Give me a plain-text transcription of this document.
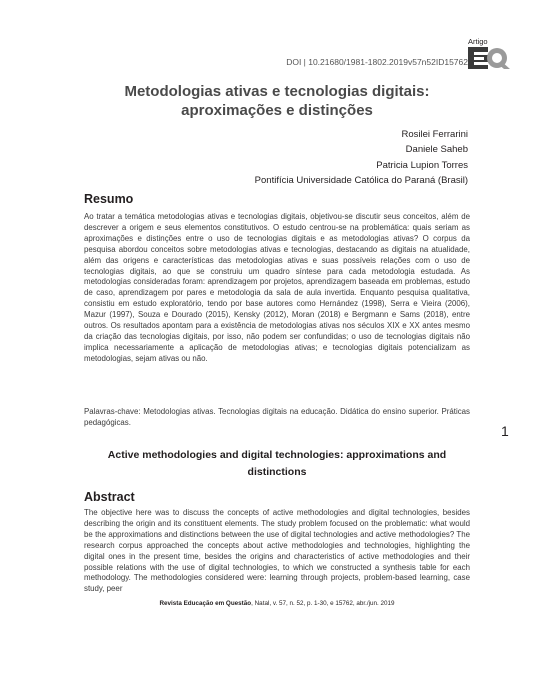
Artigo
DOI | 10.21680/1981-1802.2019v57n52ID15762
Metodologias ativas e tecnologias digitais: aproximações e distinções
Rosilei Ferrarini
Daniele Saheb
Patricia Lupion Torres
Pontifícia Universidade Católica do Paraná (Brasil)
Resumo

Ao tratar a temática metodologias ativas e tecnologias digitais, objetivou-se discutir seus conceitos, além de descrever a origem e seus elementos constitutivos. O estudo centrou-se na problemática: quais seriam as aproximações e distinções entre o uso de tecnologias digitais e as metodologias ativas? O corpus da pesquisa abordou conceitos sobre metodologias ativas e tecnologias, destacando as digitais na atualidade, além das origens e características das metodologias ativas e suas possíveis relações com o uso de tecnologias digitais, ao que se construiu um quadro síntese para cada metodologia estudada. As metodologias consideradas foram: aprendizagem por projetos, aprendizagem baseada em problemas, estudo de caso, aprendizagem por pares e metodologia da sala de aula invertida. Enquanto pesquisa qualitativa, consistiu em estudo exploratório, tendo por base autores como Hernández (1998), Serra e Vieira (2006), Mazur (1997), Souza e Dourado (2015), Kensky (2012), Moran (2018) e Bergmann e Sams (2018), entre outros. Os resultados apontam para a existência de metodologias ativas nos séculos XIX e XX antes mesmo da criação das tecnologias digitais, por isso, não podem ser confundidas; o uso de tecnologias digitais não implica necessariamente a aplicação de metodologias ativas; e tecnologias digitais potencializam as metodologias, sejam ativas ou não.

Palavras-chave: Metodologias ativas. Tecnologias digitais na educação. Didática do ensino superior. Práticas pedagógicas.

Active methodologies and digital technologies: approximations and distinctions
Abstract

The objective here was to discuss the concepts of active methodologies and digital technologies, besides describing the origin and its constituent elements. The study problem focused on the problematic: what would be the approximations and distinctions between the use of digital technologies and active methodologies? The research corpus approached the concepts about active methodologies and technologies, highlighting the digital ones in the present time, besides the origins and characteristics of active methodologies and their possible relations with the use of digital technologies, to which we constructed a synthesis table for each methodology. The methodologies considered were: learning through projects, problem-based learning, case study, peer

1
Revista Educação em Questão, Natal, v. 57, n. 52, p. 1-30, e 15762, abr./jun. 2019
